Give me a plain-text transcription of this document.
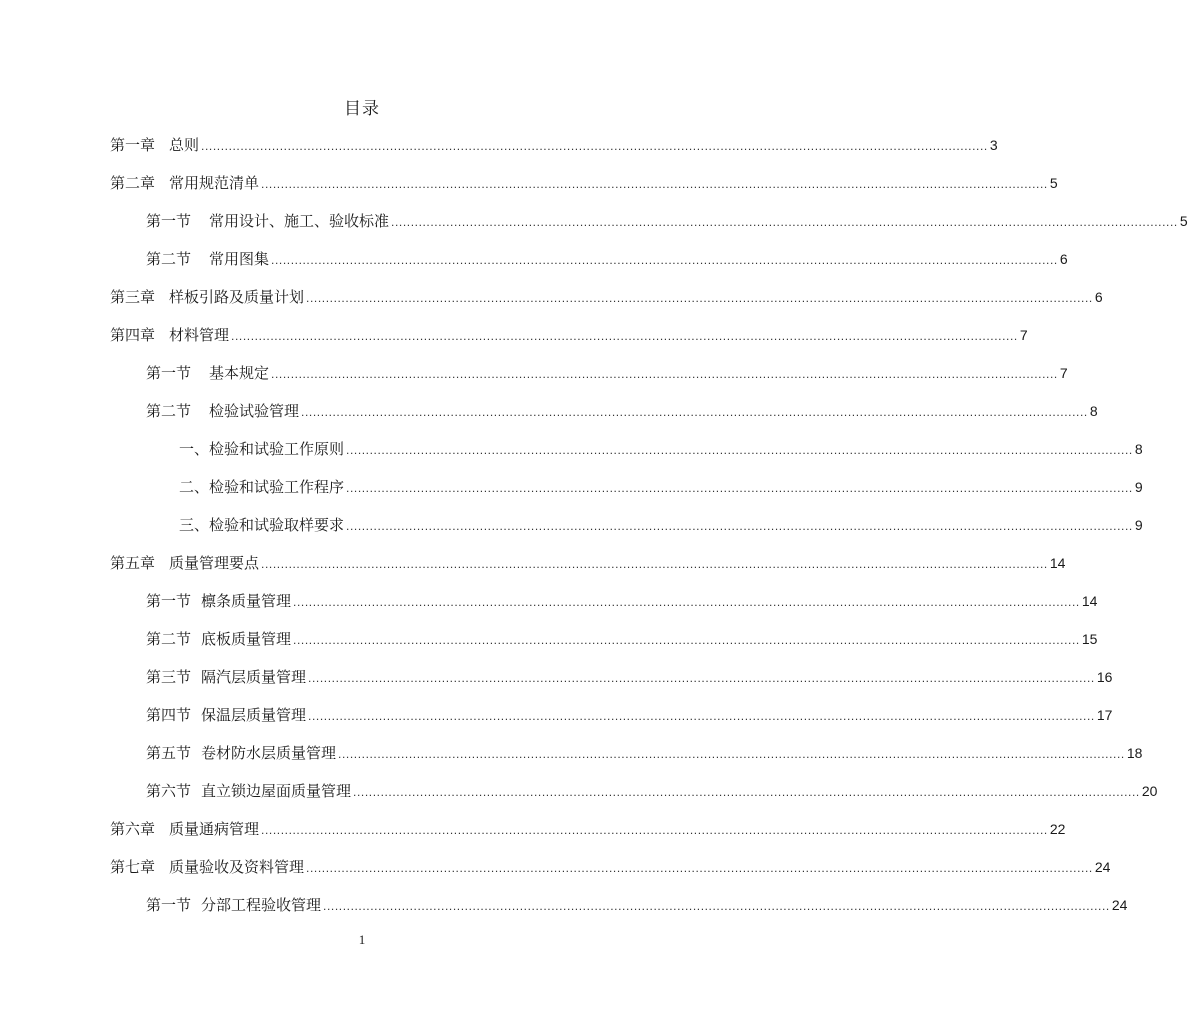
目录
第一章 总则 ........................................................................................................................................................................................................ 3
第二章 常用规范清单 ........................................................................................................................................................................................................ 5
第一节 常用设计、施工、验收标准 ........................................................................................................................................................................................................ 5
第二节 常用图集 ........................................................................................................................................................................................................ 6
第三章 样板引路及质量计划 ........................................................................................................................................................................................................ 6
第四章 材料管理 ........................................................................................................................................................................................................ 7
第一节 基本规定 ........................................................................................................................................................................................................ 7
第二节 检验试验管理 ........................................................................................................................................................................................................ 8
一、检验和试验工作原则 ........................................................................................................................................................................................................ 8
二、检验和试验工作程序 ........................................................................................................................................................................................................ 9
三、检验和试验取样要求 ........................................................................................................................................................................................................ 9
第五章 质量管理要点 ........................................................................................................................................................................................................ 14
第一节 檩条质量管理 ........................................................................................................................................................................................................ 14
第二节 底板质量管理 ........................................................................................................................................................................................................ 15
第三节 隔汽层质量管理 ........................................................................................................................................................................................................ 16
第四节 保温层质量管理 ........................................................................................................................................................................................................ 17
第五节 卷材防水层质量管理 ........................................................................................................................................................................................................ 18
第六节 直立锁边屋面质量管理 ........................................................................................................................................................................................................ 20
第六章 质量通病管理 ........................................................................................................................................................................................................ 22
第七章 质量验收及资料管理 ........................................................................................................................................................................................................ 24
第一节 分部工程验收管理 ........................................................................................................................................................................................................ 24
1
